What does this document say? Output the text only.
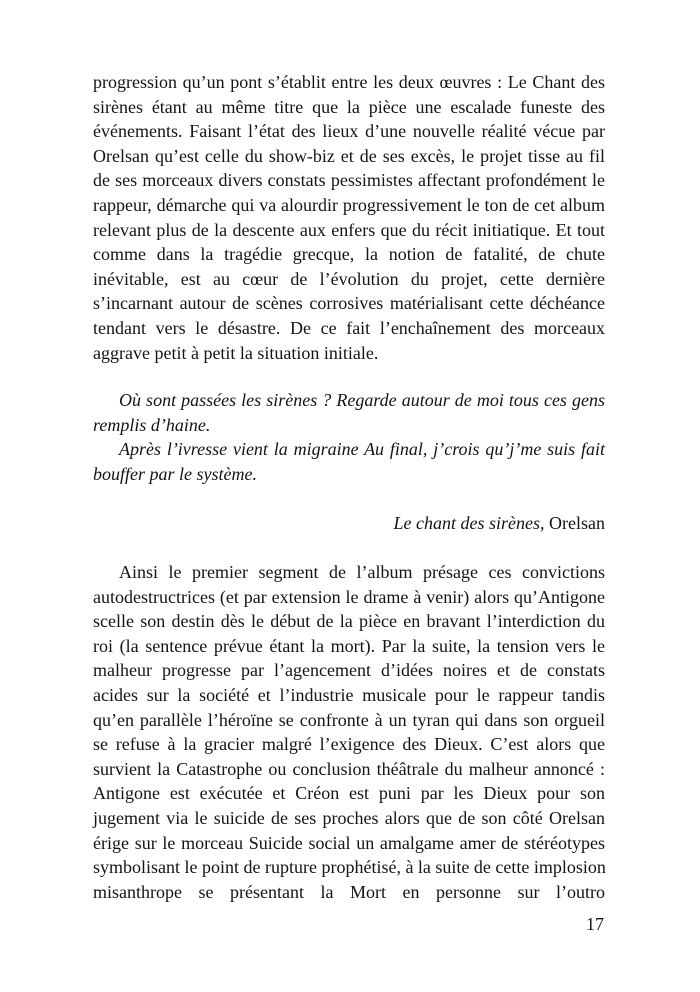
progression qu’un pont s’établit entre les deux œuvres : Le Chant des
sirènes étant au même titre que la pièce une escalade funeste des
événements. Faisant l’état des lieux d’une nouvelle réalité vécue par
Orelsan qu’est celle du show-biz et de ses excès, le projet tisse au fil
de ses morceaux divers constats pessimistes affectant profondément le
rappeur, démarche qui va alourdir progressivement le ton de cet album
relevant plus de la descente aux enfers que du récit initiatique. Et tout
comme dans la tragédie grecque, la notion de fatalité, de chute
inévitable, est au cœur de l’évolution du projet, cette dernière
s’incarnant autour de scènes corrosives matérialisant cette déchéance
tendant vers le désastre. De ce fait l’enchaînement des morceaux
aggrave petit à petit la situation initiale.
Où sont passées les sirènes ? Regarde autour de moi tous ces gens
remplis d’haine.
Après l’ivresse vient la migraine Au final, j’crois qu’j’me suis fait
bouffer par le système.
Le chant des sirènes, Orelsan
Ainsi le premier segment de l’album présage ces convictions
autodestructrices (et par extension le drame à venir) alors qu’Antigone
scelle son destin dès le début de la pièce en bravant l’interdiction du
roi (la sentence prévue étant la mort). Par la suite, la tension vers le
malheur progresse par l’agencement d’idées noires et de constats
acides sur la société et l’industrie musicale pour le rappeur tandis
qu’en parallèle l’héroïne se confronte à un tyran qui dans son orgueil
se refuse à la gracier malgré l’exigence des Dieux. C’est alors que
survient la Catastrophe ou conclusion théâtrale du malheur annoncé :
Antigone est exécutée et Créon est puni par les Dieux pour son
jugement via le suicide de ses proches alors que de son côté Orelsan
érige sur le morceau Suicide social un amalgame amer de stéréotypes
symbolisant le point de rupture prophétisé, à la suite de cette implosion
misanthrope se présentant la Mort en personne sur l’outro
17
